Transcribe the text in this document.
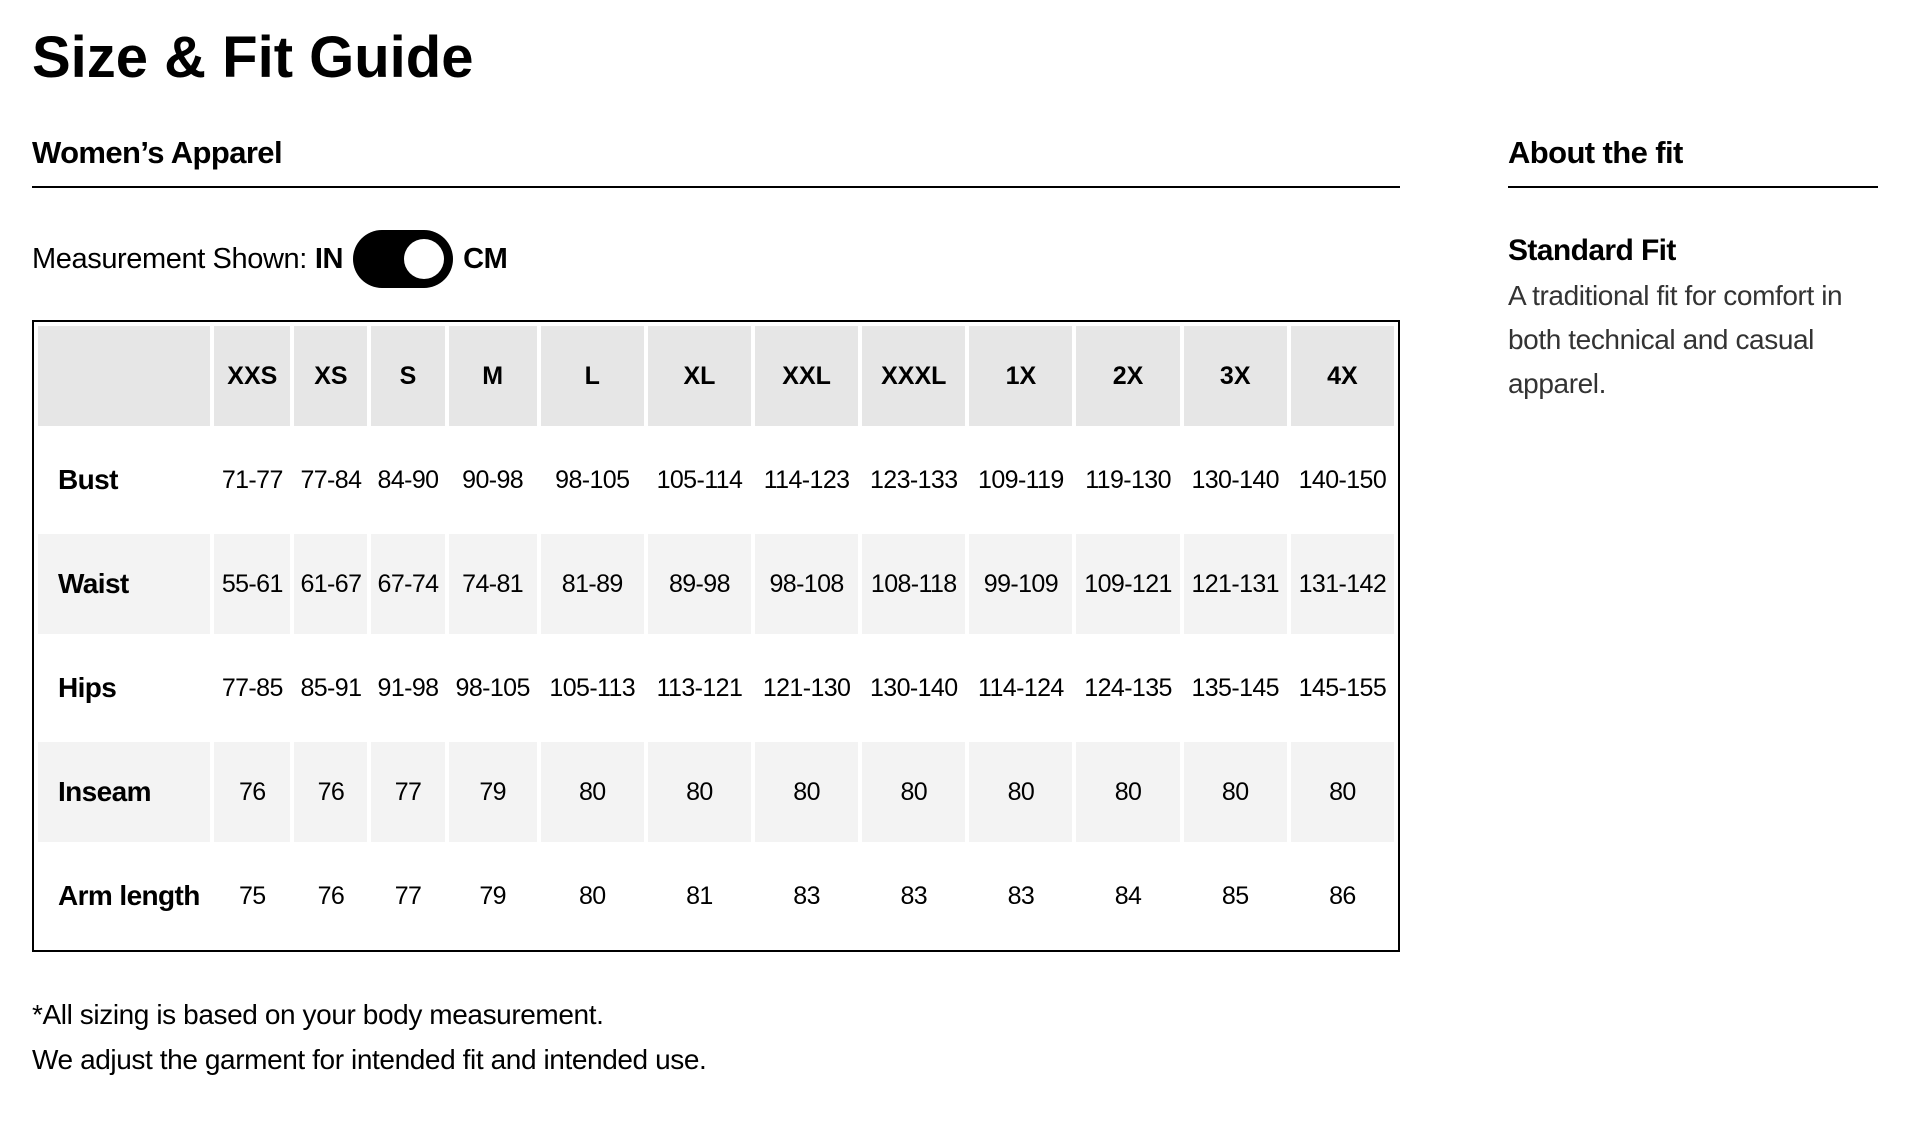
Size & Fit Guide
Women’s Apparel
Measurement Shown: IN	CM
	XXS	XS	S	M	L	XL	XXL	XXXL	1X	2X	3X	4X
Bust	71-77	77-84	84-90	90-98	98-105	105-114	114-123	123-133	109-119	119-130	130-140	140-150
Waist	55-61	61-67	67-74	74-81	81-89	89-98	98-108	108-118	99-109	109-121	121-131	131-142
Hips	77-85	85-91	91-98	98-105	105-113	113-121	121-130	130-140	114-124	124-135	135-145	145-155
Inseam	76	76	77	79	80	80	80	80	80	80	80	80
Arm length	75	76	77	79	80	81	83	83	83	84	85	86
*All sizing is based on your body measurement.
We adjust the garment for intended fit and intended use.
About the fit
Standard Fit
A traditional fit for comfort in
both technical and casual
apparel.
